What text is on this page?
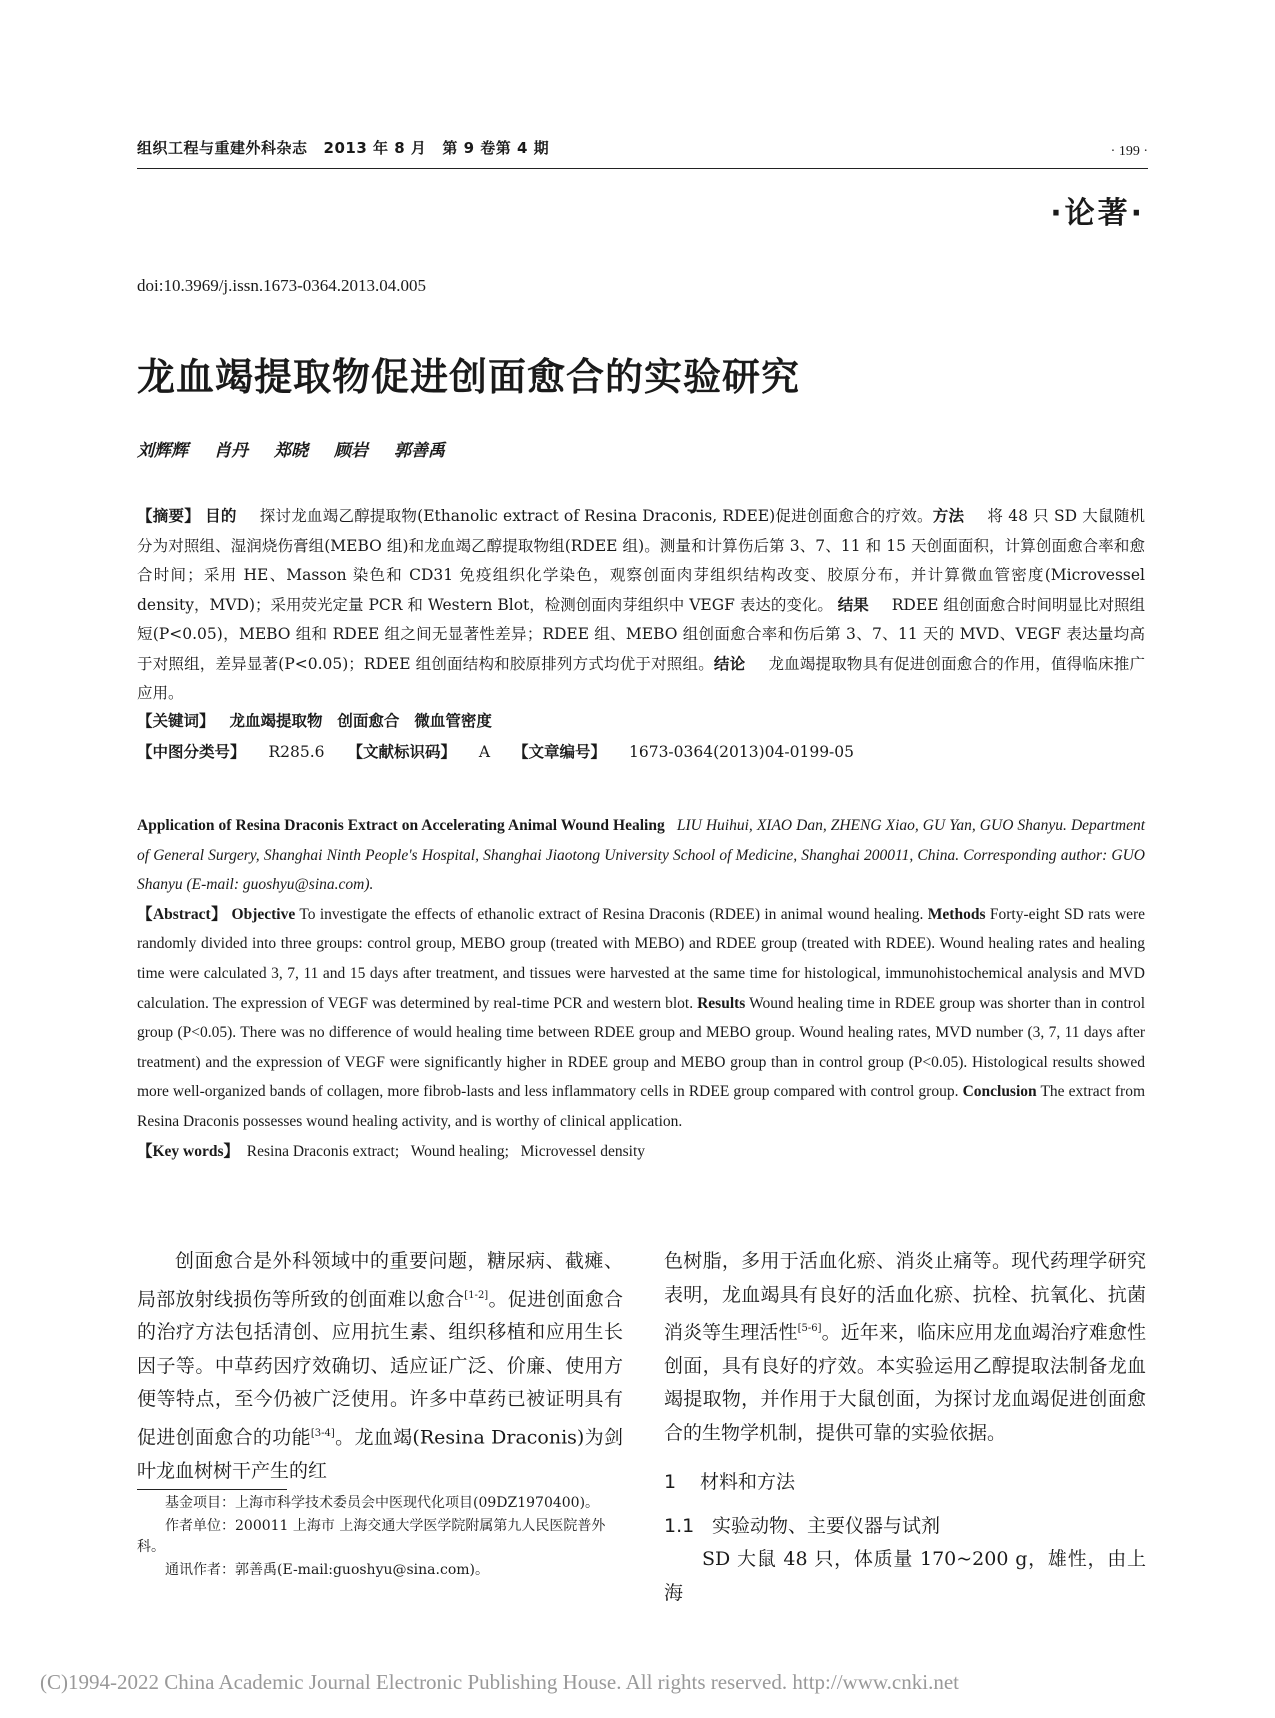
组织工程与重建外科杂志 2013 年 8 月 第 9 卷第 4 期	· 199 ·
·论著·
doi:10.3969/j.issn.1673-0364.2013.04.005
龙血竭提取物促进创面愈合的实验研究
刘辉辉 肖丹 郑晓 顾岩 郭善禹
【摘要】 目的 探讨龙血竭乙醇提取物(Ethanolic extract of Resina Draconis, RDEE)促进创面愈合的疗效。方法 将 48 只 SD 大鼠随机分为对照组、湿润烧伤膏组(MEBO 组)和龙血竭乙醇提取物组(RDEE 组)。测量和计算伤后第 3、7、11 和 15 天创面面积，计算创面愈合率和愈合时间；采用 HE、Masson 染色和 CD31 免疫组织化学染色，观察创面肉芽组织结构改变、胶原分布，并计算微血管密度(Microvessel density，MVD)；采用荧光定量 PCR 和 Western Blot，检测创面肉芽组织中 VEGF 表达的变化。 结果 RDEE 组创面愈合时间明显比对照组短(P<0.05)，MEBO 组和 RDEE 组之间无显著性差异；RDEE 组、MEBO 组创面愈合率和伤后第 3、7、11 天的 MVD、VEGF 表达量均高于对照组，差异显著(P<0.05)；RDEE 组创面结构和胶原排列方式均优于对照组。结论 龙血竭提取物具有促进创面愈合的作用，值得临床推广应用。
【关键词】 龙血竭提取物 创面愈合 微血管密度
【中图分类号】 R285.6 【文献标识码】 A 【文章编号】 1673-0364(2013)04-0199-05
Application of Resina Draconis Extract on Accelerating Animal Wound Healing LIU Huihui, XIAO Dan, ZHENG Xiao, GU Yan, GUO Shanyu. Department of General Surgery, Shanghai Ninth People's Hospital, Shanghai Jiaotong University School of Medicine, Shanghai 200011, China. Corresponding author: GUO Shanyu (E-mail: guoshyu@sina.com).
【Abstract】 Objective To investigate the effects of ethanolic extract of Resina Draconis (RDEE) in animal wound healing. Methods Forty-eight SD rats were randomly divided into three groups: control group, MEBO group (treated with MEBO) and RDEE group (treated with RDEE). Wound healing rates and healing time were calculated 3, 7, 11 and 15 days after treatment, and tissues were harvested at the same time for histological, immunohistochemical analysis and MVD calculation. The expression of VEGF was determined by real-time PCR and western blot. Results Wound healing time in RDEE group was shorter than in control group (P<0.05). There was no difference of would healing time between RDEE group and MEBO group. Wound healing rates, MVD number (3, 7, 11 days after treatment) and the expression of VEGF were significantly higher in RDEE group and MEBO group than in control group (P<0.05). Histological results showed more well-organized bands of collagen, more fibrob-lasts and less inflammatory cells in RDEE group compared with control group. Conclusion The extract from Resina Draconis possesses wound healing activity, and is worthy of clinical application.
【Key words】 Resina Draconis extract; Wound healing; Microvessel density
创面愈合是外科领域中的重要问题，糖尿病、截瘫、局部放射线损伤等所致的创面难以愈合[1-2]。促进创面愈合的治疗方法包括清创、应用抗生素、组织移植和应用生长因子等。中草药因疗效确切、适应证广泛、价廉、使用方便等特点，至今仍被广泛使用。许多中草药已被证明具有促进创面愈合的功能[3-4]。龙血竭(Resina Draconis)为剑叶龙血树树干产生的红

基金项目：上海市科学技术委员会中医现代化项目(09DZ1970400)。

作者单位：200011 上海市 上海交通大学医学院附属第九人民医院普外科。

通讯作者：郭善禹(E-mail:guoshyu@sina.com)。

色树脂，多用于活血化瘀、消炎止痛等。现代药理学研究表明，龙血竭具有良好的活血化瘀、抗栓、抗氧化、抗菌消炎等生理活性[5-6]。近年来，临床应用龙血竭治疗难愈性创面，具有良好的疗效。本实验运用乙醇提取法制备龙血竭提取物，并作用于大鼠创面，为探讨龙血竭促进创面愈合的生物学机制，提供可靠的实验依据。
1 材料和方法
1.1 实验动物、主要仪器与试剂
SD 大鼠 48 只，体质量 170~200 g，雄性，由上海
(C)1994-2022 China Academic Journal Electronic Publishing House. All rights reserved. http://www.cnki.net
